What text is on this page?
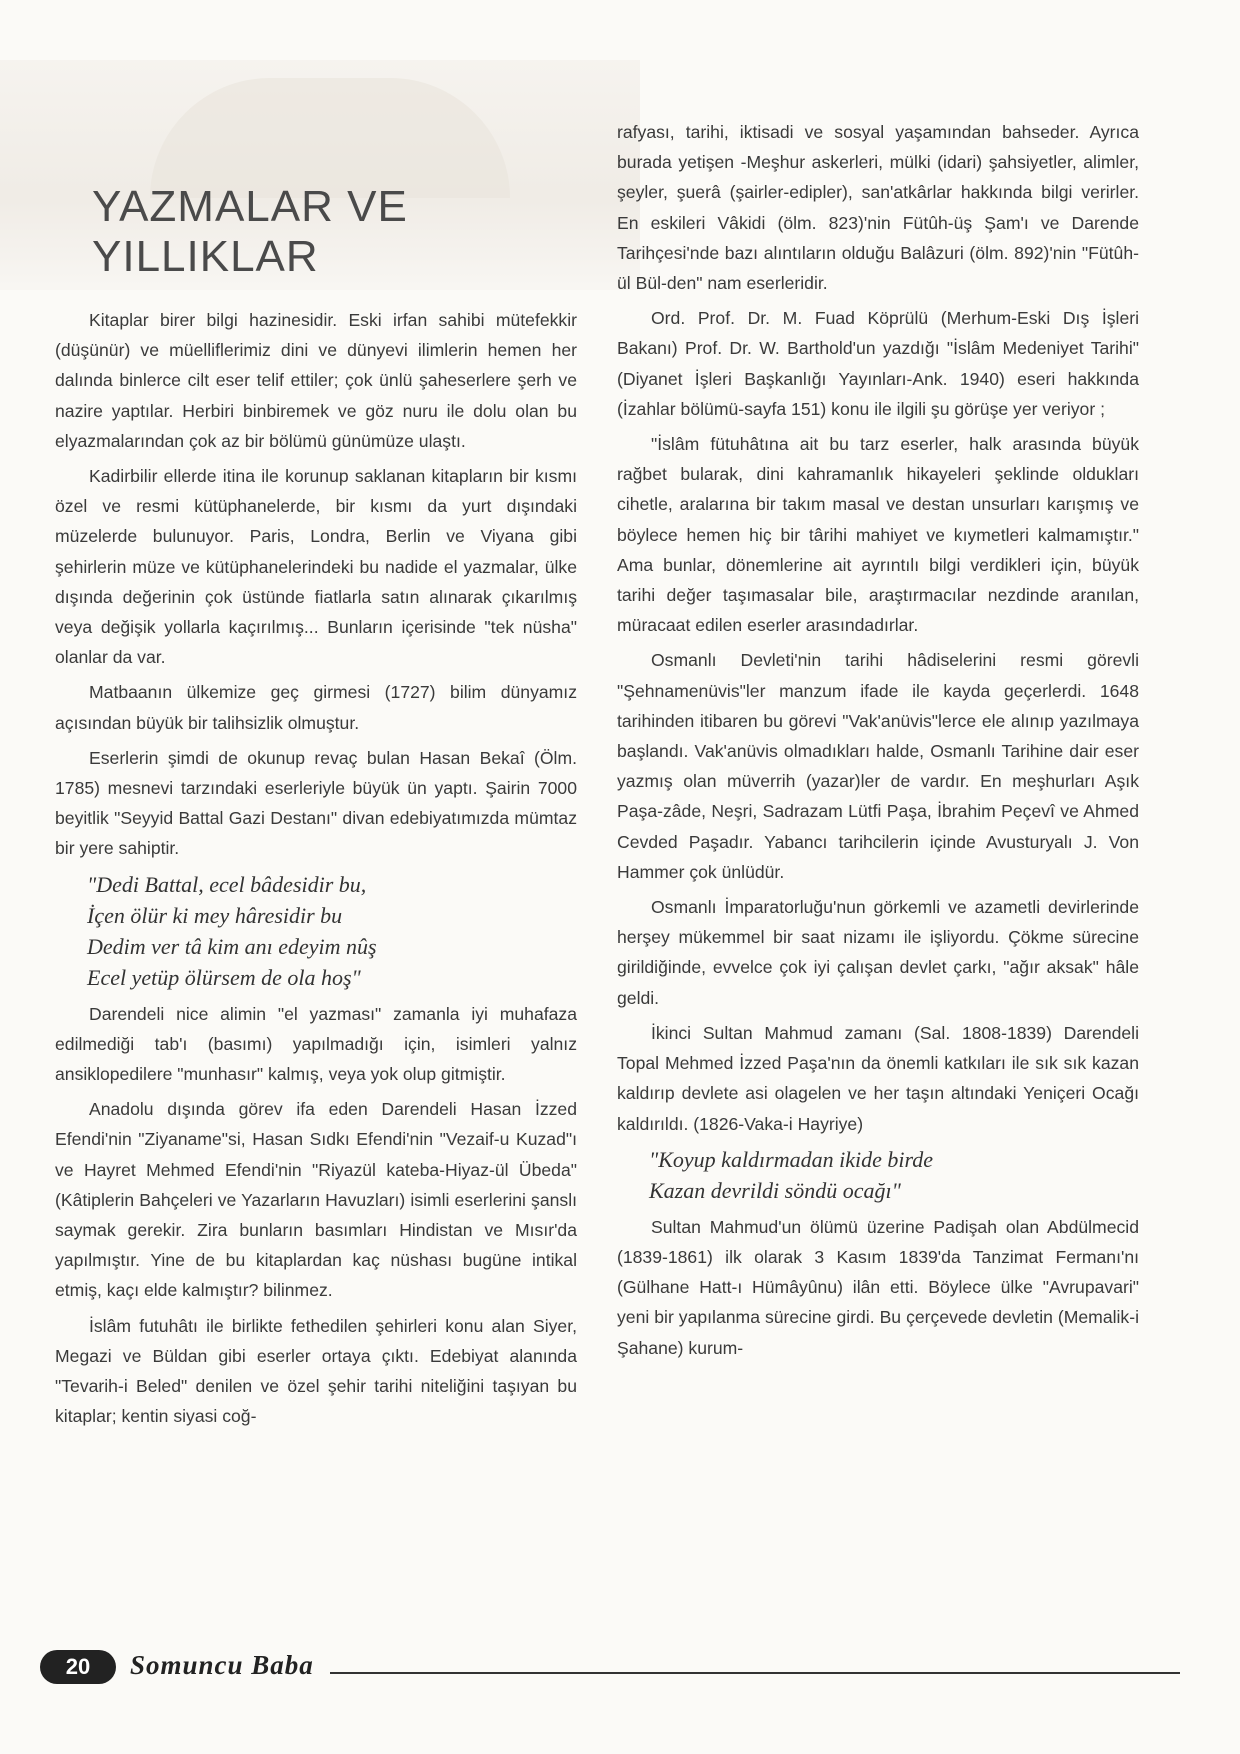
YAZMALAR VE YILLIKLAR

Kitaplar birer bilgi hazinesidir. Eski irfan sahibi mütefekkir (düşünür) ve müelliflerimiz dini ve dünyevi ilimlerin hemen her dalında binlerce cilt eser telif ettiler; çok ünlü şaheserlere şerh ve nazire yaptılar. Herbiri binbiremek ve göz nuru ile dolu olan bu elyazmalarından çok az bir bölümü günümüze ulaştı.

Kadirbilir ellerde itina ile korunup saklanan kitapların bir kısmı özel ve resmi kütüphanelerde, bir kısmı da yurt dışındaki müzelerde bulunuyor. Paris, Londra, Berlin ve Viyana gibi şehirlerin müze ve kütüphanelerindeki bu nadide el yazmalar, ülke dışında değerinin çok üstünde fiatlarla satın alınarak çıkarılmış veya değişik yollarla kaçırılmış... Bunların içerisinde "tek nüsha" olanlar da var.

Matbaanın ülkemize geç girmesi (1727) bilim dünyamız açısından büyük bir talihsizlik olmuştur.

Eserlerin şimdi de okunup revaç bulan Hasan Bekaî (Ölm. 1785) mesnevi tarzındaki eserleriyle büyük ün yaptı. Şairin 7000 beyitlik "Seyyid Battal Gazi Destanı" divan edebiyatımızda mümtaz bir yere sahiptir.

"Dedi Battal, ecel bâdesidir bu,
İçen ölür ki mey hâresidir bu
Dedim ver tâ kim anı edeyim nûş
Ecel yetüp ölürsem de ola hoş"

Darendeli nice alimin "el yazması" zamanla iyi muhafaza edilmediği tab'ı (basımı) yapılmadığı için, isimleri yalnız ansiklopedilere "munhasır" kalmış, veya yok olup gitmiştir.

Anadolu dışında görev ifa eden Darendeli Hasan İzzed Efendi'nin "Ziyaname"si, Hasan Sıdkı Efendi'nin "Vezaif-u Kuzad"ı ve Hayret Mehmed Efendi'nin "Riyazül kateba-Hiyaz-ül Übeda" (Kâtiplerin Bahçeleri ve Yazarların Havuzları) isimli eserlerini şanslı saymak gerekir. Zira bunların basımları Hindistan ve Mısır'da yapılmıştır. Yine de bu kitaplardan kaç nüshası bugüne intikal etmiş, kaçı elde kalmıştır? bilinmez.

İslâm futuhâtı ile birlikte fethedilen şehirleri konu alan Siyer, Megazi ve Büldan gibi eserler ortaya çıktı. Edebiyat alanında "Tevarih-i Beled" denilen ve özel şehir tarihi niteliğini taşıyan bu kitaplar; kentin siyasi coğ-

rafyası, tarihi, iktisadi ve sosyal yaşamından bahseder. Ayrıca burada yetişen -Meşhur askerleri, mülki (idari) şahsiyetler, alimler, şeyler, şuerâ (şairler-edipler), san'atkârlar hakkında bilgi verirler. En eskileri Vâkidi (ölm. 823)'nin Fütûh-üş Şam'ı ve Darende Tarihçesi'nde bazı alıntıların olduğu Balâzuri (ölm. 892)'nin "Fütûh-ül Bül-den" nam eserleridir.

Ord. Prof. Dr. M. Fuad Köprülü (Merhum-Eski Dış İşleri Bakanı) Prof. Dr. W. Barthold'un yazdığı "İslâm Medeniyet Tarihi" (Diyanet İşleri Başkanlığı Yayınları-Ank. 1940) eseri hakkında (İzahlar bölümü-sayfa 151) konu ile ilgili şu görüşe yer veriyor ;

"İslâm fütuhâtına ait bu tarz eserler, halk arasında büyük rağbet bularak, dini kahramanlık hikayeleri şeklinde oldukları cihetle, aralarına bir takım masal ve destan unsurları karışmış ve böylece hemen hiç bir târihi mahiyet ve kıymetleri kalmamıştır." Ama bunlar, dönemlerine ait ayrıntılı bilgi verdikleri için, büyük tarihi değer taşımasalar bile, araştırmacılar nezdinde aranılan, müracaat edilen eserler arasındadırlar.

Osmanlı Devleti'nin tarihi hâdiselerini resmi görevli "Şehnamenüvis"ler manzum ifade ile kayda geçerlerdi. 1648 tarihinden itibaren bu görevi "Vak'anüvis"lerce ele alınıp yazılmaya başlandı. Vak'anüvis olmadıkları halde, Osmanlı Tarihine dair eser yazmış olan müverrih (yazar)ler de vardır. En meşhurları Aşık Paşa-zâde, Neşri, Sadrazam Lütfi Paşa, İbrahim Peçevî ve Ahmed Cevded Paşadır. Yabancı tarihcilerin içinde Avusturyalı J. Von Hammer çok ünlüdür.

Osmanlı İmparatorluğu'nun görkemli ve azametli devirlerinde herşey mükemmel bir saat nizamı ile işliyordu. Çökme sürecine girildiğinde, evvelce çok iyi çalışan devlet çarkı, "ağır aksak" hâle geldi.

İkinci Sultan Mahmud zamanı (Sal. 1808-1839) Darendeli Topal Mehmed İzzed Paşa'nın da önemli katkıları ile sık sık kazan kaldırıp devlete asi olagelen ve her taşın altındaki Yeniçeri Ocağı kaldırıldı. (1826-Vaka-i Hayriye)

"Koyup kaldırmadan ikide birde
Kazan devrildi söndü ocağı"

Sultan Mahmud'un ölümü üzerine Padişah olan Abdülmecid (1839-1861) ilk olarak 3 Kasım 1839'da Tanzimat Fermanı'nı (Gülhane Hatt-ı Hümâyûnu) ilân etti. Böylece ülke "Avrupavari" yeni bir yapılanma sürecine girdi. Bu çerçevede devletin (Memalik-i Şahane) kurum-

20	Somuncu Baba
